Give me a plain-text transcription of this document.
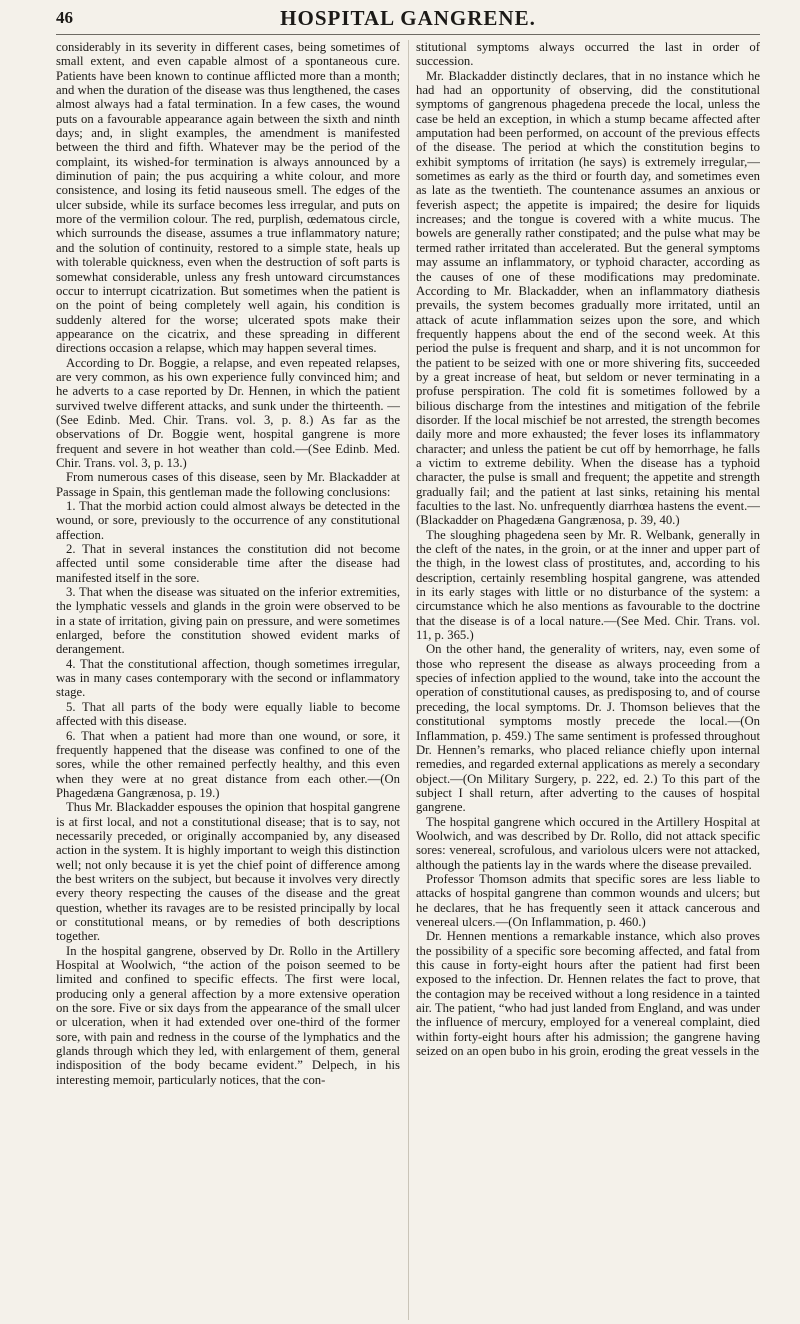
46	HOSPITAL GANGRENE.

considerably in its severity in different cases, being sometimes of small extent, and even capable almost of a spontaneous cure. Patients have been known to continue afflicted more than a month; and when the duration of the disease was thus lengthened, the cases almost always had a fatal termination. In a few cases, the wound puts on a favourable appearance again between the sixth and ninth days; and, in slight examples, the amendment is manifested between the third and fifth. Whatever may be the period of the complaint, its wished-for termination is always announced by a diminution of pain; the pus acquiring a white colour, and more consistence, and losing its fetid nauseous smell. The edges of the ulcer subside, while its surface becomes less irregular, and puts on more of the vermilion colour. The red, purplish, œdematous circle, which surrounds the disease, assumes a true inflammatory nature; and the solution of continuity, restored to a simple state, heals up with tolerable quickness, even when the destruction of soft parts is somewhat considerable, unless any fresh untoward circumstances occur to interrupt cicatrization. But sometimes when the patient is on the point of being completely well again, his condition is suddenly altered for the worse; ulcerated spots make their appearance on the cicatrix, and these spreading in different directions occasion a relapse, which may happen several times.

According to Dr. Boggie, a relapse, and even repeated relapses, are very common, as his own experience fully convinced him; and he adverts to a case reported by Dr. Hennen, in which the patient survived twelve different attacks, and sunk under the thirteenth. —(See Edinb. Med. Chir. Trans. vol. 3, p. 8.) As far as the observations of Dr. Boggie went, hospital gangrene is more frequent and severe in hot weather than cold.—(See Edinb. Med. Chir. Trans. vol. 3, p. 13.)

From numerous cases of this disease, seen by Mr. Blackadder at Passage in Spain, this gentleman made the following conclusions:

1. That the morbid action could almost always be detected in the wound, or sore, previously to the occurrence of any constitutional affection.

2. That in several instances the constitution did not become affected until some considerable time after the disease had manifested itself in the sore.

3. That when the disease was situated on the inferior extremities, the lymphatic vessels and glands in the groin were observed to be in a state of irritation, giving pain on pressure, and were sometimes enlarged, before the constitution showed evident marks of derangement.

4. That the constitutional affection, though sometimes irregular, was in many cases contemporary with the second or inflammatory stage.

5. That all parts of the body were equally liable to become affected with this disease.

6. That when a patient had more than one wound, or sore, it frequently happened that the disease was confined to one of the sores, while the other remained perfectly healthy, and this even when they were at no great distance from each other.—(On Phagedæna Gangrænosa, p. 19.)

Thus Mr. Blackadder espouses the opinion that hospital gangrene is at first local, and not a constitutional disease; that is to say, not necessarily preceded, or originally accompanied by, any diseased action in the system. It is highly important to weigh this distinction well; not only because it is yet the chief point of difference among the best writers on the subject, but because it involves very directly every theory respecting the causes of the disease and the great question, whether its ravages are to be resisted principally by local or constitutional means, or by remedies of both descriptions together.

In the hospital gangrene, observed by Dr. Rollo in the Artillery Hospital at Woolwich, “the action of the poison seemed to be limited and confined to specific effects. The first were local, producing only a general affection by a more extensive operation on the sore. Five or six days from the appearance of the small ulcer or ulceration, when it had extended over one-third of the former sore, with pain and redness in the course of the lymphatics and the glands through which they led, with enlargement of them, general indisposition of the body became evident.” Delpech, in his interesting memoir, particularly notices, that the con-

stitutional symptoms always occurred the last in order of succession.

Mr. Blackadder distinctly declares, that in no instance which he had had an opportunity of observing, did the constitutional symptoms of gangrenous phagedena precede the local, unless the case be held an exception, in which a stump became affected after amputation had been performed, on account of the previous effects of the disease. The period at which the constitution begins to exhibit symptoms of irritation (he says) is extremely irregular,—sometimes as early as the third or fourth day, and sometimes even as late as the twentieth. The countenance assumes an anxious or feverish aspect; the appetite is impaired; the desire for liquids increases; and the tongue is covered with a white mucus. The bowels are generally rather constipated; and the pulse what may be termed rather irritated than accelerated. But the general symptoms may assume an inflammatory, or typhoid character, according as the causes of one of these modifications may predominate. According to Mr. Blackadder, when an inflammatory diathesis prevails, the system becomes gradually more irritated, until an attack of acute inflammation seizes upon the sore, and which frequently happens about the end of the second week. At this period the pulse is frequent and sharp, and it is not uncommon for the patient to be seized with one or more shivering fits, succeeded by a great increase of heat, but seldom or never terminating in a profuse perspiration. The cold fit is sometimes followed by a bilious discharge from the intestines and mitigation of the febrile disorder. If the local mischief be not arrested, the strength becomes daily more and more exhausted; the fever loses its inflammatory character; and unless the patient be cut off by hemorrhage, he falls a victim to extreme debility. When the disease has a typhoid character, the pulse is small and frequent; the appetite and strength gradually fail; and the patient at last sinks, retaining his mental faculties to the last. No. unfrequently diarrhœa hastens the event.—(Blackadder on Phagedæna Gangrænosa, p. 39, 40.)

The sloughing phagedena seen by Mr. R. Welbank, generally in the cleft of the nates, in the groin, or at the inner and upper part of the thigh, in the lowest class of prostitutes, and, according to his description, certainly resembling hospital gangrene, was attended in its early stages with little or no disturbance of the system: a circumstance which he also mentions as favourable to the doctrine that the disease is of a local nature.—(See Med. Chir. Trans. vol. 11, p. 365.)

On the other hand, the generality of writers, nay, even some of those who represent the disease as always proceeding from a species of infection applied to the wound, take into the account the operation of constitutional causes, as predisposing to, and of course preceding, the local symptoms. Dr. J. Thomson believes that the constitutional symptoms mostly precede the local.—(On Inflammation, p. 459.) The same sentiment is professed throughout Dr. Hennen’s remarks, who placed reliance chiefly upon internal remedies, and regarded external applications as merely a secondary object.—(On Military Surgery, p. 222, ed. 2.) To this part of the subject I shall return, after adverting to the causes of hospital gangrene.

The hospital gangrene which occured in the Artillery Hospital at Woolwich, and was described by Dr. Rollo, did not attack specific sores: venereal, scrofulous, and variolous ulcers were not attacked, although the patients lay in the wards where the disease prevailed.

Professor Thomson admits that specific sores are less liable to attacks of hospital gangrene than common wounds and ulcers; but he declares, that he has frequently seen it attack cancerous and venereal ulcers.—(On Inflammation, p. 460.)

Dr. Hennen mentions a remarkable instance, which also proves the possibility of a specific sore becoming affected, and fatal from this cause in forty-eight hours after the patient had first been exposed to the infection. Dr. Hennen relates the fact to prove, that the contagion may be received without a long residence in a tainted air. The patient, “who had just landed from England, and was under the influence of mercury, employed for a venereal complaint, died within forty-eight hours after his admission; the gangrene having seized on an open bubo in his groin, eroding the great vessels in the
